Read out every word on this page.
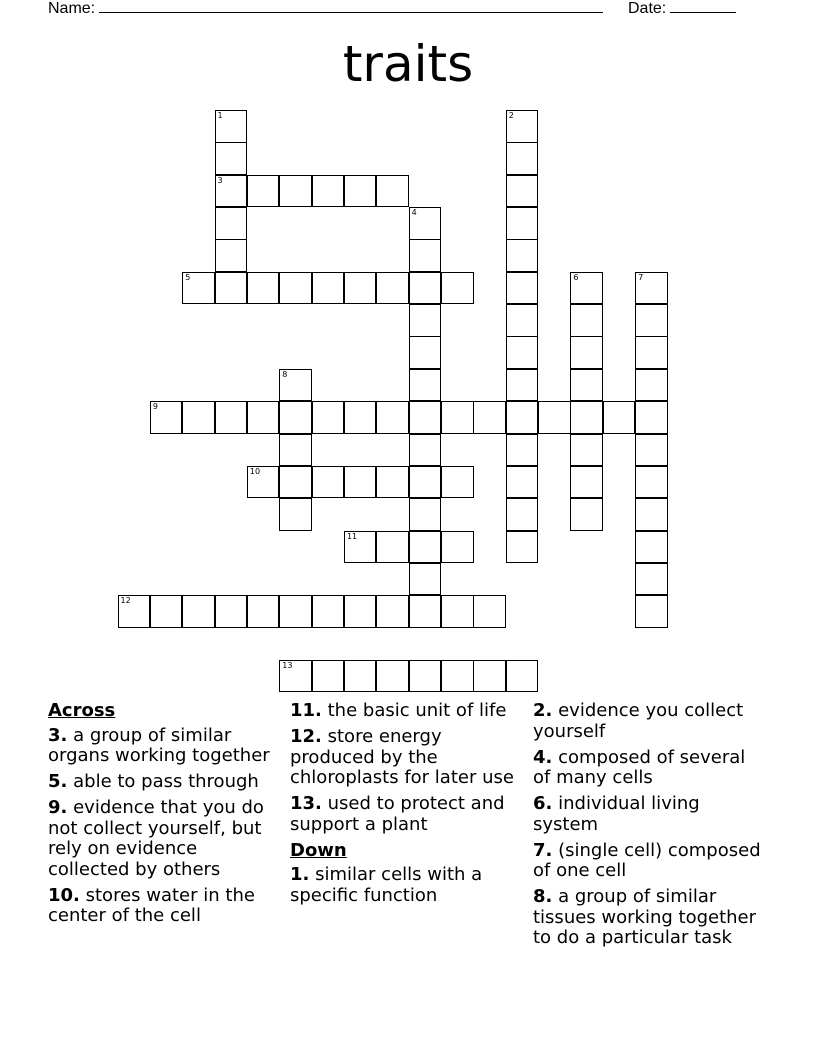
Name:	Date:
traits
1
3
2
4
5	6	7
8
9
10
11
12
13
Across
3. a group of similar organs working together
5. able to pass through
9. evidence that you do not collect yourself, but rely on evidence collected by others
10. stores water in the center of the cell
11. the basic unit of life
12. store energy produced by the chloroplasts for later use
13. used to protect and support a plant
Down
1. similar cells with a specific function
2. evidence you collect yourself
4. composed of several of many cells
6. individual living system
7. (single cell) composed of one cell
8. a group of similar tissues working together to do a particular task
